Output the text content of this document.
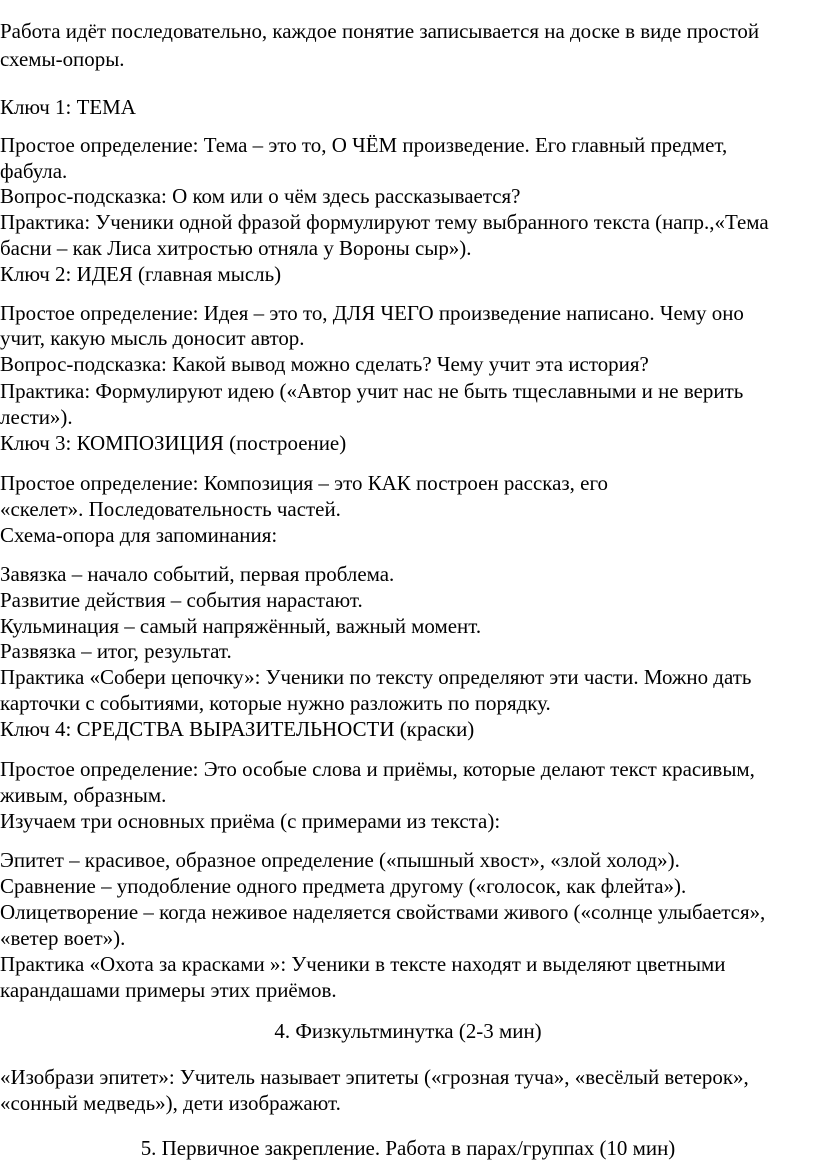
Работа идёт последовательно, каждое понятие записывается на доске в виде простой
схемы-опоры.
Ключ 1: ТЕМА
Простое определение: Тема – это то, О ЧЁМ произведение. Его главный предмет,
фабула.
Вопрос-подсказка: О ком или о чём здесь рассказывается?
Практика: Ученики одной фразой формулируют тему выбранного текста (напр.,«Тема
басни – как Лиса хитростью отняла у Вороны сыр»).
Ключ 2: ИДЕЯ (главная мысль)
Простое определение: Идея – это то, ДЛЯ ЧЕГО произведение написано. Чему оно
учит, какую мысль доносит автор.
Вопрос-подсказка: Какой вывод можно сделать? Чему учит эта история?
Практика: Формулируют идею («Автор учит нас не быть тщеславными и не верить
лести»).
Ключ 3: КОМПОЗИЦИЯ (построение)
Простое определение: Композиция – это КАК построен рассказ, его
«скелет». Последовательность частей.
Схема-опора для запоминания:
Завязка – начало событий, первая проблема.
Развитие действия – события нарастают.
Кульминация – самый напряжённый, важный момент.
Развязка – итог, результат.
Практика «Собери цепочку»: Ученики по тексту определяют эти части. Можно дать
карточки с событиями, которые нужно разложить по порядку.
Ключ 4: СРЕДСТВА ВЫРАЗИТЕЛЬНОСТИ (краски)
Простое определение: Это особые слова и приёмы, которые делают текст красивым,
живым, образным.
Изучаем три основных приёма (с примерами из текста):
Эпитет – красивое, образное определение («пышный хвост», «злой холод»).
Сравнение – уподобление одного предмета другому («голосок, как флейта»).
Олицетворение – когда неживое наделяется свойствами живого («солнце улыбается»,
«ветер воет»).
Практика «Охота за красками »: Ученики в тексте находят и выделяют цветными
карандашами примеры этих приёмов.
4. Физкультминутка (2-3 мин)
«Изобрази эпитет»: Учитель называет эпитеты («грозная туча», «весёлый ветерок»,
«сонный медведь»), дети изображают.
5. Первичное закрепление. Работа в парах/группах (10 мин)
